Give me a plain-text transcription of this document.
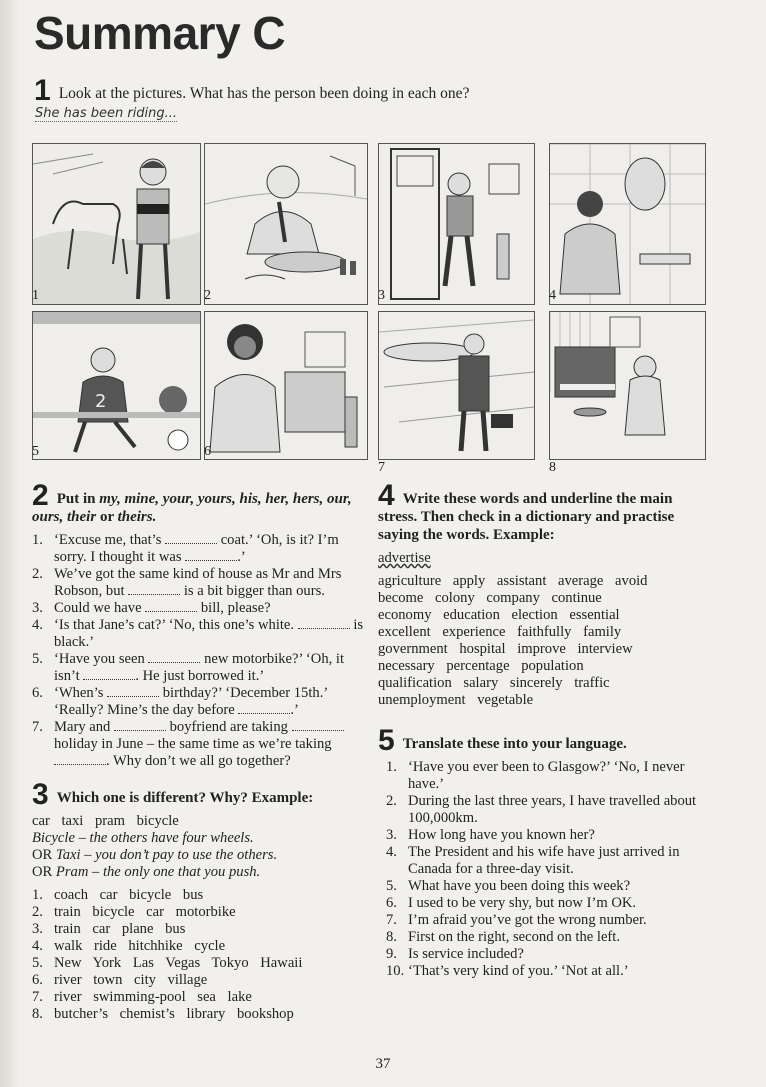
Summary C
1 Look at the pictures. What has the person been doing in each one?
She has been riding...
1	2	3	4
2
5	6
7	8
2 Put in my, mine, your, yours, his, her, hers, our, ours, their or theirs.
1. ‘Excuse me, that’s	coat.’ ‘Oh, is it? I’m sorry. I thought it was	.’
2. We’ve got the same kind of house as Mr and Mrs Robson, but	is a bit bigger than ours.
3. Could we have	bill, please?
4. ‘Is that Jane’s cat?’ ‘No, this one’s white.	is black.’
5. ‘Have you seen	new motorbike?’ ‘Oh, it isn’t	. He just borrowed it.’
6. ‘When’s	birthday?’ ‘December 15th.’ ‘Really? Mine’s the day before	.’
7. Mary and	boyfriend are taking  holiday in June – the same time as we’re taking . Why don’t we all go together?
3 Which one is different? Why? Example:
car taxi pram bicycle
Bicycle – the others have four wheels.
OR Taxi – you don’t pay to use the others.
OR Pram – the only one that you push.
1. coach car bicycle bus
2. train bicycle car motorbike
3. train car plane bus
4. walk ride hitchhike cycle
5. New York Las Vegas Tokyo Hawaii
6. river town city village
7. river swimming-pool sea lake
8. butcher’s chemist’s library bookshop
4 Write these words and underline the main stress. Then check in a dictionary and practise saying the words. Example:
advertise
agriculture apply assistant average avoid
become colony company continue
economy education election essential
excellent experience faithfully family
government hospital improve interview
necessary percentage population
qualification salary sincerely traffic
unemployment vegetable
5 Translate these into your language.
1. ‘Have you ever been to Glasgow?’ ‘No, I never have.’
2. During the last three years, I have travelled about 100,000km.
3. How long have you known her?
4. The President and his wife have just arrived in Canada for a three-day visit.
5. What have you been doing this week?
6. I used to be very shy, but now I’m OK.
7. I’m afraid you’ve got the wrong number.
8. First on the right, second on the left.
9. Is service included?
10. ‘That’s very kind of you.’ ‘Not at all.’
37
